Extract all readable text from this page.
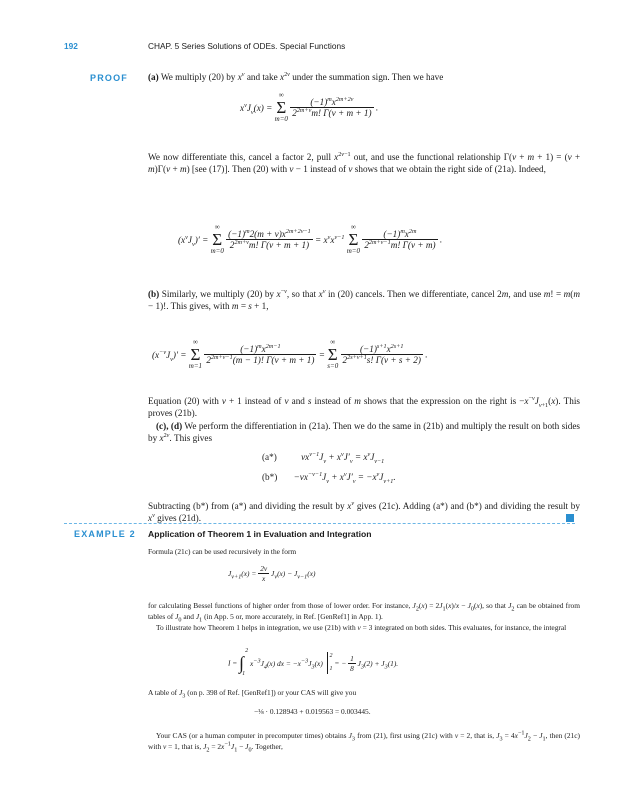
192	CHAP. 5 Series Solutions of ODEs. Special Functions
PROOF (a) We multiply (20) by $x^\nu$ and take $x^{2\nu}$ under the summation sign. Then we have
$x^\nu J_\nu(x)$ =
∞
Σ
m=0

$\frac{(-1)^mx^{2m+2\nu}}{2^{2m+\nu}m! \Gamma(\nu + m + 1)}$ .
We now differentiate this, cancel a factor 2, pull $x^{2\nu-1}$ out, and use the functional relationship Γ(ν + m + 1) = (ν + m)Γ(ν + m) [see (17)]. Then (20) with ν − 1 instead of ν shows that we obtain the right side of (21a). Indeed,
$(x^\nu J_\nu)'$ =
∞
Σ
m=0

$\frac{(-1)^m2(m + \nu)x^{2m+2\nu-1}}{2^{2m+\nu}m! \Gamma(\nu + m + 1)} = x^\nu x^{\nu-1}$
∞
Σ
m=0

$\frac{(-1)^mx^{2m}}{2^{2m+\nu-1}m! \Gamma(\nu + m)}$ .
(b) Similarly, we multiply (20) by $x^{-\nu}$, so that $x^\nu$ in (20) cancels. Then we differentiate, cancel 2m, and use m! = m(m − 1)!. This gives, with m = s + 1,
$(x^{-\nu}J_\nu)'$ =
∞
Σ
m=1

$\frac{(-1)^mx^{2m-1}}{2^{2m+\nu-1}(m - 1)! \Gamma(\nu + m + 1)}$ =
∞
Σ
s=0

$\frac{(-1)^{s+1}x^{2s+1}}{2^{2s+\nu+1}s! \Gamma(\nu + s + 2)}$ .
Equation (20) with ν + 1 instead of ν and s instead of m shows that the expression on the right is $-x^{-\nu}J_{\nu+1}(x)$. This proves (21b).
(c), (d) We perform the differentiation in (21a). Then we do the same in (21b) and multiply the result on both sides by $x^{2\nu}$. This gives
(a*)	$\nu x^{\nu-1}J_\nu + x^\nu J'_\nu = x^\nu J_{\nu-1}$
$(b*) -\nu x^{-\nu-1}J_\nu + x^\nu J'_\nu = -x^\nu J_{\nu+1}$.
Subtracting (b*) from (a*) and dividing the result by $x^\nu$ gives (21c). Adding (a*) and (b*) and dividing the result by $x^\nu$ gives (21d).
EXAMPLE 2 Application of Theorem 1 in Evaluation and Integration
Formula (21c) can be used recursively in the form
$J_{\nu+1}(x) = \frac{2\nu}{x} J_\nu(x) - J_{\nu-1}(x)$
for calculating Bessel functions of higher order from those of lower order. For instance, $J_2(x) = 2J_1(x)/x - J_0(x)$, so that $J_2$ can be obtained from tables of $J_0$ and $J_1$ (in App. 5 or, more accurately, in Ref. [GenRef1] in App. 1).
To illustrate how Theorem 1 helps in integration, we use (21b) with ν = 3 integrated on both sides. This evaluates, for instance, the integral
I =
2
∫
1
$x^{-3}J_4(x)$ dx = $-x^{-3}J_3(x)$
2
1
= − $\frac{1}{8} J_3(2) + J_3(1)$.
A table of $J_3$ (on p. 398 of Ref. [GenRef1]) or your CAS will give you
−⅛ · 0.128943 + 0.019563 = 0.003445.
Your CAS (or a human computer in precomputer times) obtains $J_3$ from (21), first using (21c) with ν = 2, that is, $J_3 = 4x^{-1}J_2 - J_1$, then (21c) with ν = 1, that is, $J_2 = 2x^{-1}J_1 - J_0$. Together,
